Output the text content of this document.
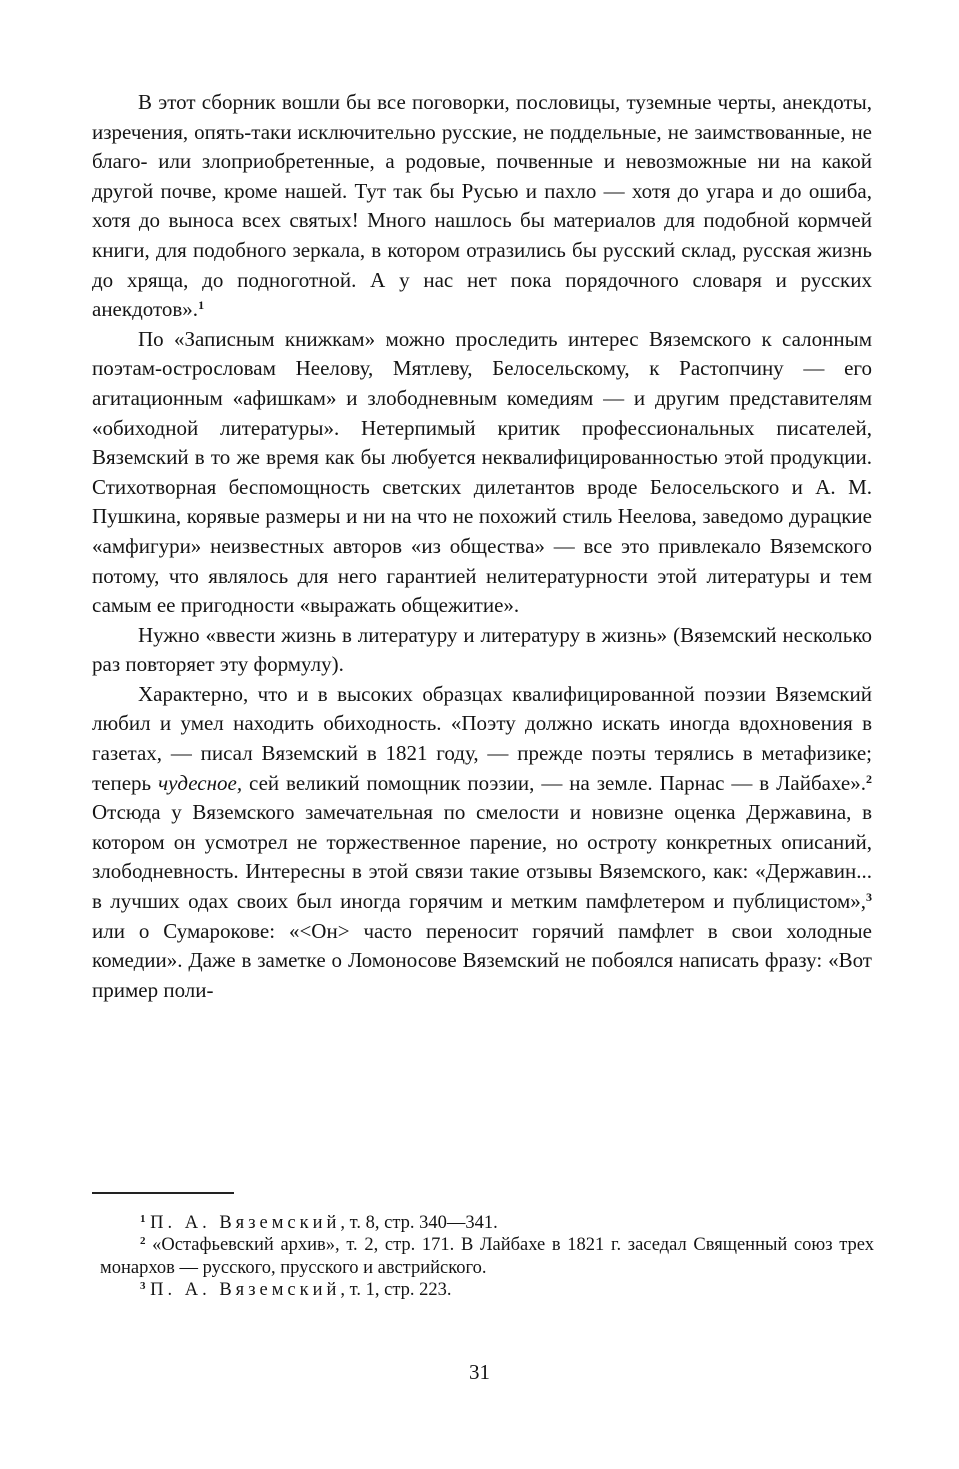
В этот сборник вошли бы все поговорки, пословицы, туземные черты, анекдоты, изречения, опять-таки исключительно русские, не поддельные, не заимствованные, не благо- или злоприобретенные, а родовые, почвенные и невозможные ни на какой другой почве, кроме нашей. Тут так бы Русью и пахло — хотя до угара и до ошиба, хотя до выноса всех святых! Много нашлось бы материалов для подобной кормчей книги, для подобного зеркала, в котором отразились бы русский склад, русская жизнь до хряща, до подноготной. А у нас нет пока порядочного словаря и русских анекдотов».$^1$

По «Записным книжкам» можно проследить интерес Вяземского к салонным поэтам-острословам Неелову, Мятлеву, Белосельскому, к Растопчину — его агитационным «афишкам» и злободневным комедиям — и другим представителям «обиходной литературы». Нетерпимый критик профессиональных писателей, Вяземский в то же время как бы любуется неквалифицированностью этой продукции. Стихотворная беспомощность светских дилетантов вроде Белосельского и А. М. Пушкина, корявые размеры и ни на что не похожий стиль Неелова, заведомо дурацкие «амфигури» неизвестных авторов «из общества» — все это привлекало Вяземского потому, что являлось для него гарантией нелитературности этой литературы и тем самым ее пригодности «выражать общежитие».

Нужно «ввести жизнь в литературу и литературу в жизнь» (Вяземский несколько раз повторяет эту формулу).

Характерно, что и в высоких образцах квалифицированной поэзии Вяземский любил и умел находить обиходность. «Поэту должно искать иногда вдохновения в газетах, — писал Вяземский в 1821 году, — прежде поэты терялись в метафизике; теперь чудесное, сей великий помощник поэзии, — на земле. Парнас — в Лайбахе».$^2$ Отсюда у Вяземского замечательная по смелости и новизне оценка Державина, в котором он усмотрел не торжественное парение, но остроту конкретных описаний, злободневность. Интересны в этой связи такие отзывы Вяземского, как: «Державин... в лучших одах своих был иногда горячим и метким памфлетером и публицистом»,$^3$ или о Сумарокове: «<Он> часто переносит горячий памфлет в свои холодные комедии». Даже в заметке о Ломоносове Вяземский не побоялся написать фразу: «Вот пример поли-

$^1$ П. А. Вяземский, т. 8, стр. 340—341.

$^2$ «Остафьевский архив», т. 2, стр. 171. В Лайбахе в 1821 г. заседал Священный союз трех монархов — русского, прусского и австрийского.

$^3$ П. А. Вяземский, т. 1, стр. 223.

31
